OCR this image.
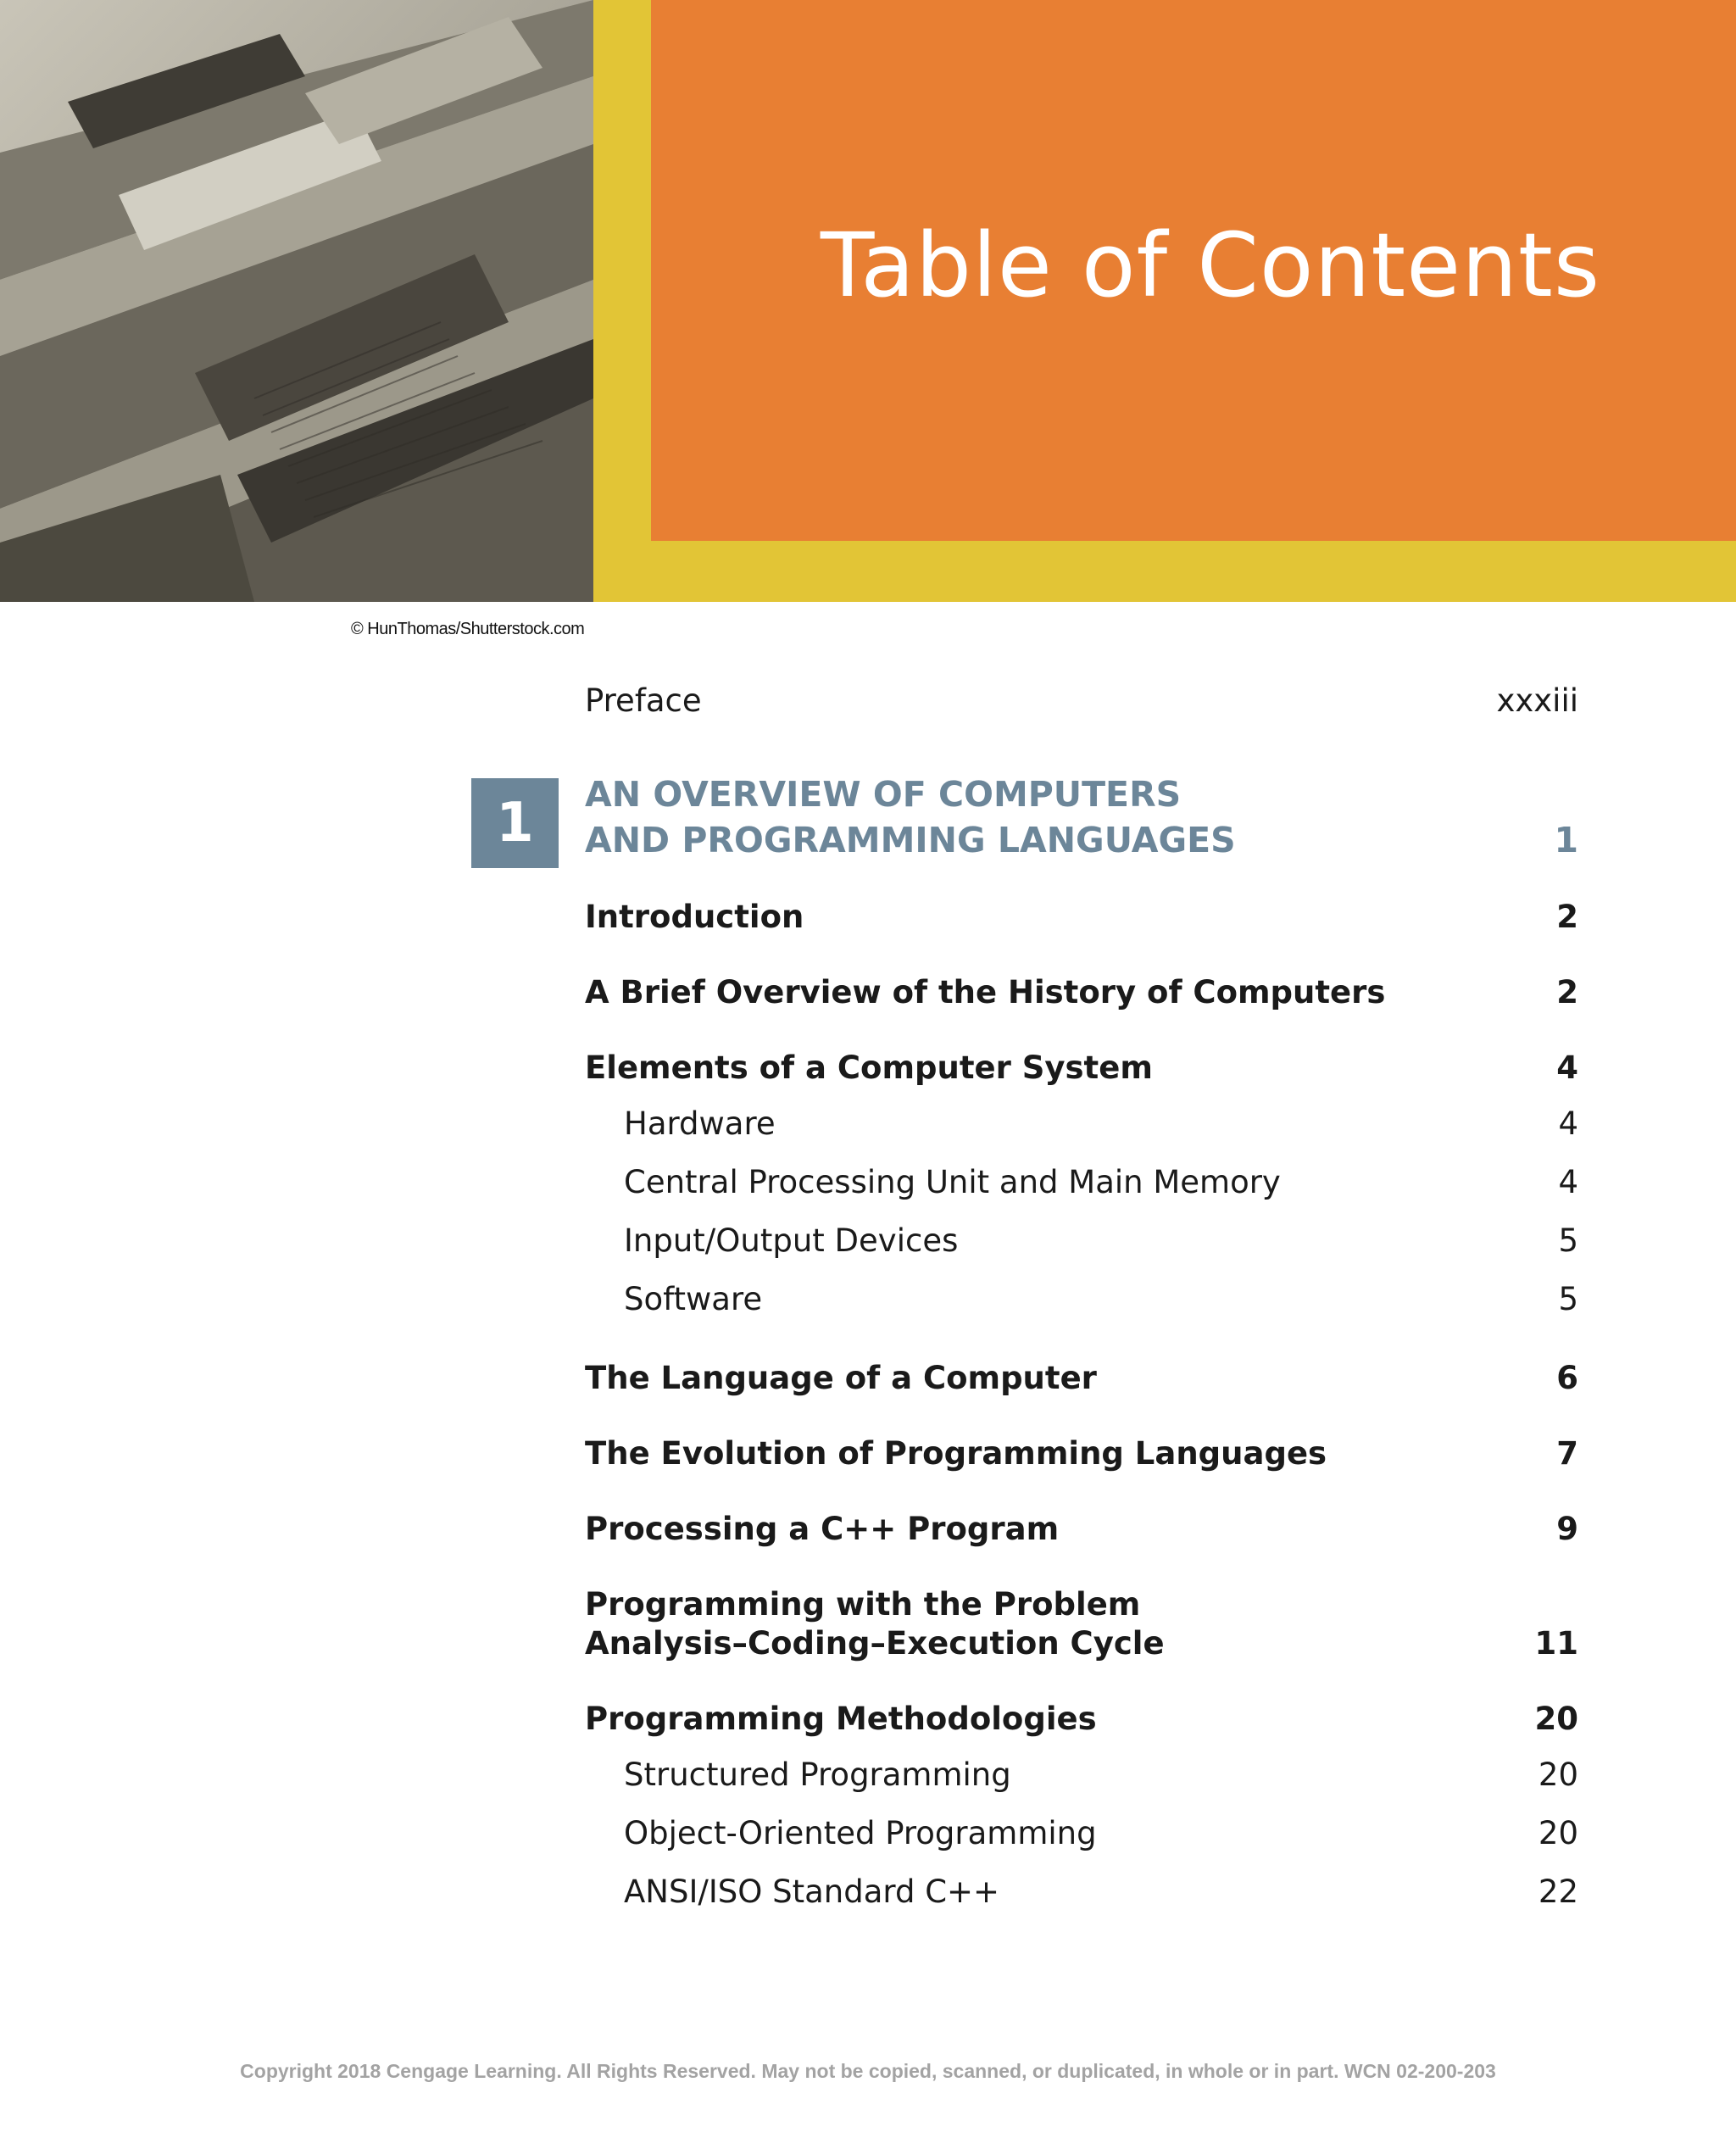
Table of Contents
© HunThomas/Shutterstock.com
Preface	xxxiii
1	AN OVERVIEW OF COMPUTERS
AND PROGRAMMING LANGUAGES	1
Introduction	2
A Brief Overview of the History of Computers	2
Elements of a Computer System	4
Hardware	4
Central Processing Unit and Main Memory	4
Input/Output Devices	5
Software	5
The Language of a Computer	6
The Evolution of Programming Languages	7
Processing a C++ Program	9
Programming with the Problem
Analysis–Coding–Execution Cycle	11
Programming Methodologies	20
Structured Programming	20
Object-Oriented Programming	20
ANSI/ISO Standard C++	22
Copyright 2018 Cengage Learning. All Rights Reserved. May not be copied, scanned, or duplicated, in whole or in part. WCN 02-200-203
